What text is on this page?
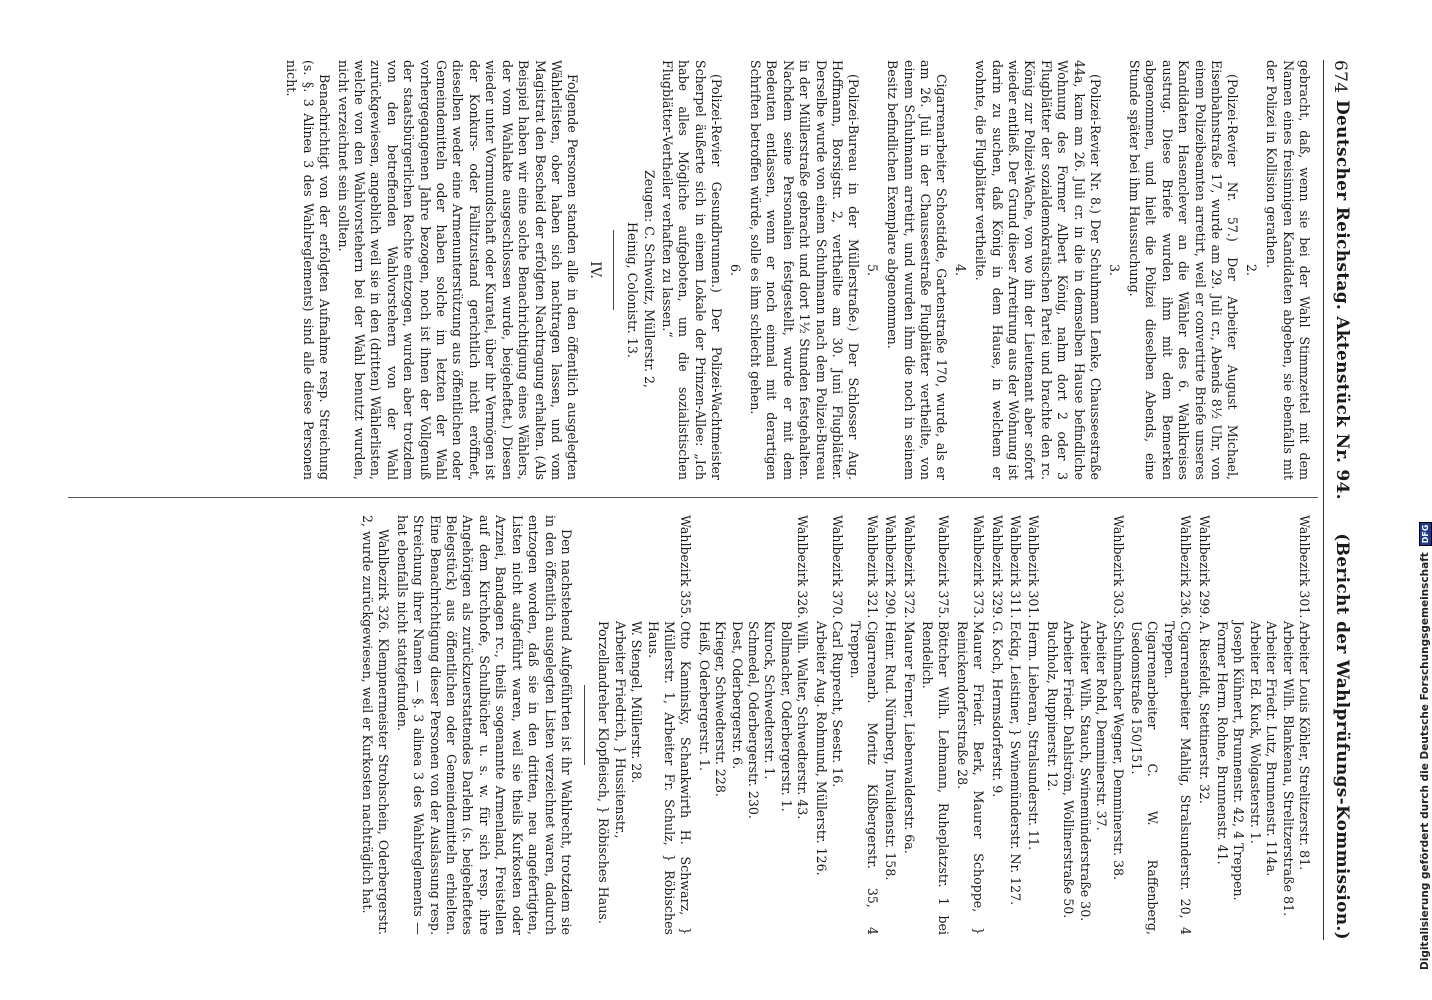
674
Deutscher Reichstag. Aktenstück Nr. 94.
(Bericht der Wahlprüfungs-Kommission.)

gebracht, daß, wenn sie bei der Wahl Stimmzettel mit dem Namen eines freisinnigen Kandidaten abgeben, sie ebenfalls mit der Polizei in Kollision gerathen.

2.

(Polizei-Revier Nr. 57.) Der Arbeiter August Michael, Eisenbahnstraße 17, wurde am 29. Juli cr., Abends 8½ Uhr, von einem Polizeibeamten arretirt, weil er convertirte Briefe unseres Kandidaten Hasenclever an die Wähler des 6. Wahlkreises austrug. Diese Briefe wurden ihm mit dem Bemerken abgenommen, und hielt die Polizei dieselben Abends, eine Stunde später bei ihm Haussuchung.

3.

(Polizei-Revier Nr. 8.) Der Schuhmann Lenke, Chausseestraße 44a, kam am 26. Juli cr. in die in demselben Hause befindliche Wohnung des Former Albert König, nahm dort 2 oder 3 Flugblätter der sozialdemokratischen Partei und brachte den rc. König zur Polizei-Wache, von wo ihn der Lieutenant aber sofort wieder entließ. Der Grund dieser Arretirung aus der Wohnung ist darin zu suchen, daß König in dem Hause, in welchem er wohnte, die Flugblätter vertheilte.

4.

Cigarrenarbeiter Schostidde, Gartenstraße 170, wurde, als er am 26. Juli in der Chausseestraße Flugblätter vertheilte, von einem Schuhmann arretirt, und wurden ihm die noch in seinem Besitz befindlichen Exemplare abgenommen.

5.

(Polizei-Bureau in der Müllerstraße.) Der Schlosser Aug. Hoffmann, Borsigstr. 2, vertheilte am 30. Juni Flugblätter. Derselbe wurde von einem Schuhmann nach dem Polizei-Bureau in der Müllerstraße gebracht und dort 1½ Stunden festgehalten. Nachdem seine Personalien festgestellt, wurde er mit dem Bedeuten entlassen, wenn er noch einmal mit derartigen Schriften betroffen würde, solle es ihm schlecht gehen.

6.

(Polizei-Revier Gesundbrunnen.) Der Polizei-Wachtmeister Scherpel äußerte sich in einem Lokale der Prinzen-Allee: „Ich habe alles Mögliche aufgeboten, um die sozialistischen Flugblätter-Vertheiler verhaften zu lassen.“

Zeugen: C. Schwoitz, Müllerstr. 2,
Heinig, Colonistr. 13.
IV.

Folgende Personen standen alle in den öffentlich ausgelegten Wählerlisten, ober haben sich nachtragen lassen, und vom Magistrat den Bescheid der erfolgten Nachtragung erhalten. (Als Beispiel haben wir eine solche Benachrichtigung eines Wählers, der vom Wahlakte ausgeschlossen wurde, beigeheftet.) Diesen wieder unter Vormundschaft oder Kuratel, über ihr Vermögen ist der Konkurs- oder Fallitzustand gerichtlich nicht eröffnet, dieselben weder eine Armenunterstützung aus öffentlichen oder Gemeindemitteln oder haben solche im letzten der Wahl vorhergegangenen Jahre bezogen, noch ist ihnen der Vollgenuß der staatsbürgerlichen Rechte entzogen, wurden aber trotzdem von den betreffenden Wahlvorstehern von der Wahl zurückgewiesen, angeblich weil sie in den (dritten) Wählerlisten, welche von den Wahlvorstehern bei der Wahl benutzt wurden, nicht verzeichnet sein sollten.

Benachrichtigt von der erfolgten Aufnahme resp. Streichung (s. §. 3 Alinea 3 des Wahlreglements) sind alle diese Personen nicht.

Wahlbezirk 301.
Arbeiter Louis Köhler, Strelitzerstr. 81.
Arbeiter Wilh. Blankenau, Strelitzerstraße 81.
Arbeiter Friedr. Lutz, Brunnenstr. 114a.
Arbeiter Ed. Kuck, Wolgasterstr. 1.
Joseph Kühnert, Brunnenstr. 42, 4 Treppen.
Former Herm. Rohne, Brunnenstr. 41.
Wahlbezirk 299.
A. Riesfeldt, Stettinerstr. 32.
Wahlbezirk 236.
Cigarrenarbeiter Mahlig, Stralsunderstr. 20, 4 Treppen.
Cigarrenarbeiter C. W. Raffenberg, Usedomstraße 150/151.
Wahlbezirk 303.
Schuhmacher Wegner, Demminerstr. 38.
Arbeiter Rohd, Demminerstr. 37.
Arbeiter Wilh. Stauch, Swinemünderstraße 30.
Arbeiter Friedr. Dahlström, Wollinerstraße 50.
Buchholz, Ruppinerstr. 12.
Wahlbezirk 301.
Herm. Lieberan, Stralsunderstr. 11.
Wahlbezirk 311.
Eckig, Leistiner, } Swinemünderstr. Nr. 127.
Wahlbezirk 329.
G. Koch, Hermsdorferstr. 9.
Wahlbezirk 373.
Maurer Friedr. Berk, Maurer Schoppe, } Reinickendorferstraße 28.
Wahlbezirk 375.
Böttcher Wilh. Lehmann, Ruheplatzstr. 1 bei Rendelich.
Wahlbezirk 372.
Maurer Ferner, Liebenwalderstr. 6a.
Wahlbezirk 290.
Heinr. Rud. Nürnberg, Invalidenstr. 158.
Wahlbezirk 321.
Cigarrenarb. Moritz Kißbergerstr. 35, 4 Treppen.
Wahlbezirk 370.
Carl Ruprecht, Seestr. 16.
Arbeiter Aug. Rohmund, Müllerstr. 126.
Wahlbezirk 326.
Wilh. Walter, Schwedterstr. 43.
Bollmacher, Oderbergerstr. 1.
Kurock, Schwedterstr. 1.
Schmedel, Oderbergerstr. 230.
Dest, Oderbergerstr. 6.
Krieger, Schwedterstr. 228.
Heiß, Oderbergerstr. 1.
Wahlbezirk 355.
Otto Kaminsky, Schankwirth H. Schwarz, } Müllerstr. 1, Arbeiter Fr. Schulz, } Röbisches Haus.
W. Stengel, Müllerstr. 28.
Arbeiter Friedrich, } Hussitenstr.,
Porzellandreher Klopfleisch, } Röbisches Haus.

Den nachstehend Aufgeführten ist ihr Wahlrecht, trotzdem sie in den öffentlich ausgelegten Listen verzeichnet waren, dadurch entzogen worden, daß sie in den dritten, neu angefertigten, Listen nicht aufgeführt waren, weil sie theils Kurkosten oder Arznei, Bandagen rc., theils sogenannte Armenland, Freistellen auf dem Kirchhofe, Schulbücher u. s. w. für sich resp. ihre Angehörigen als zurückzuerstattendes Darlehn (s. beigeheftetes Belegstück) aus öffentlichen oder Gemeindemitteln erhielten. Eine Benachrichtigung dieser Personen von der Auslassung resp. Streichung ihrer Namen — §. 3 alinea 3 des Wahlreglements — hat ebenfalls nicht stattgefunden.

Wahlbezirk 326. Klempnermeister Strohschein, Oderbergerstr. 2, wurde zurückgewiesen, weil er Kurkosten nachträglich hat.	Digitalisierung gefördert durch die Deutsche Forschungsgemeinschaft
DFG
